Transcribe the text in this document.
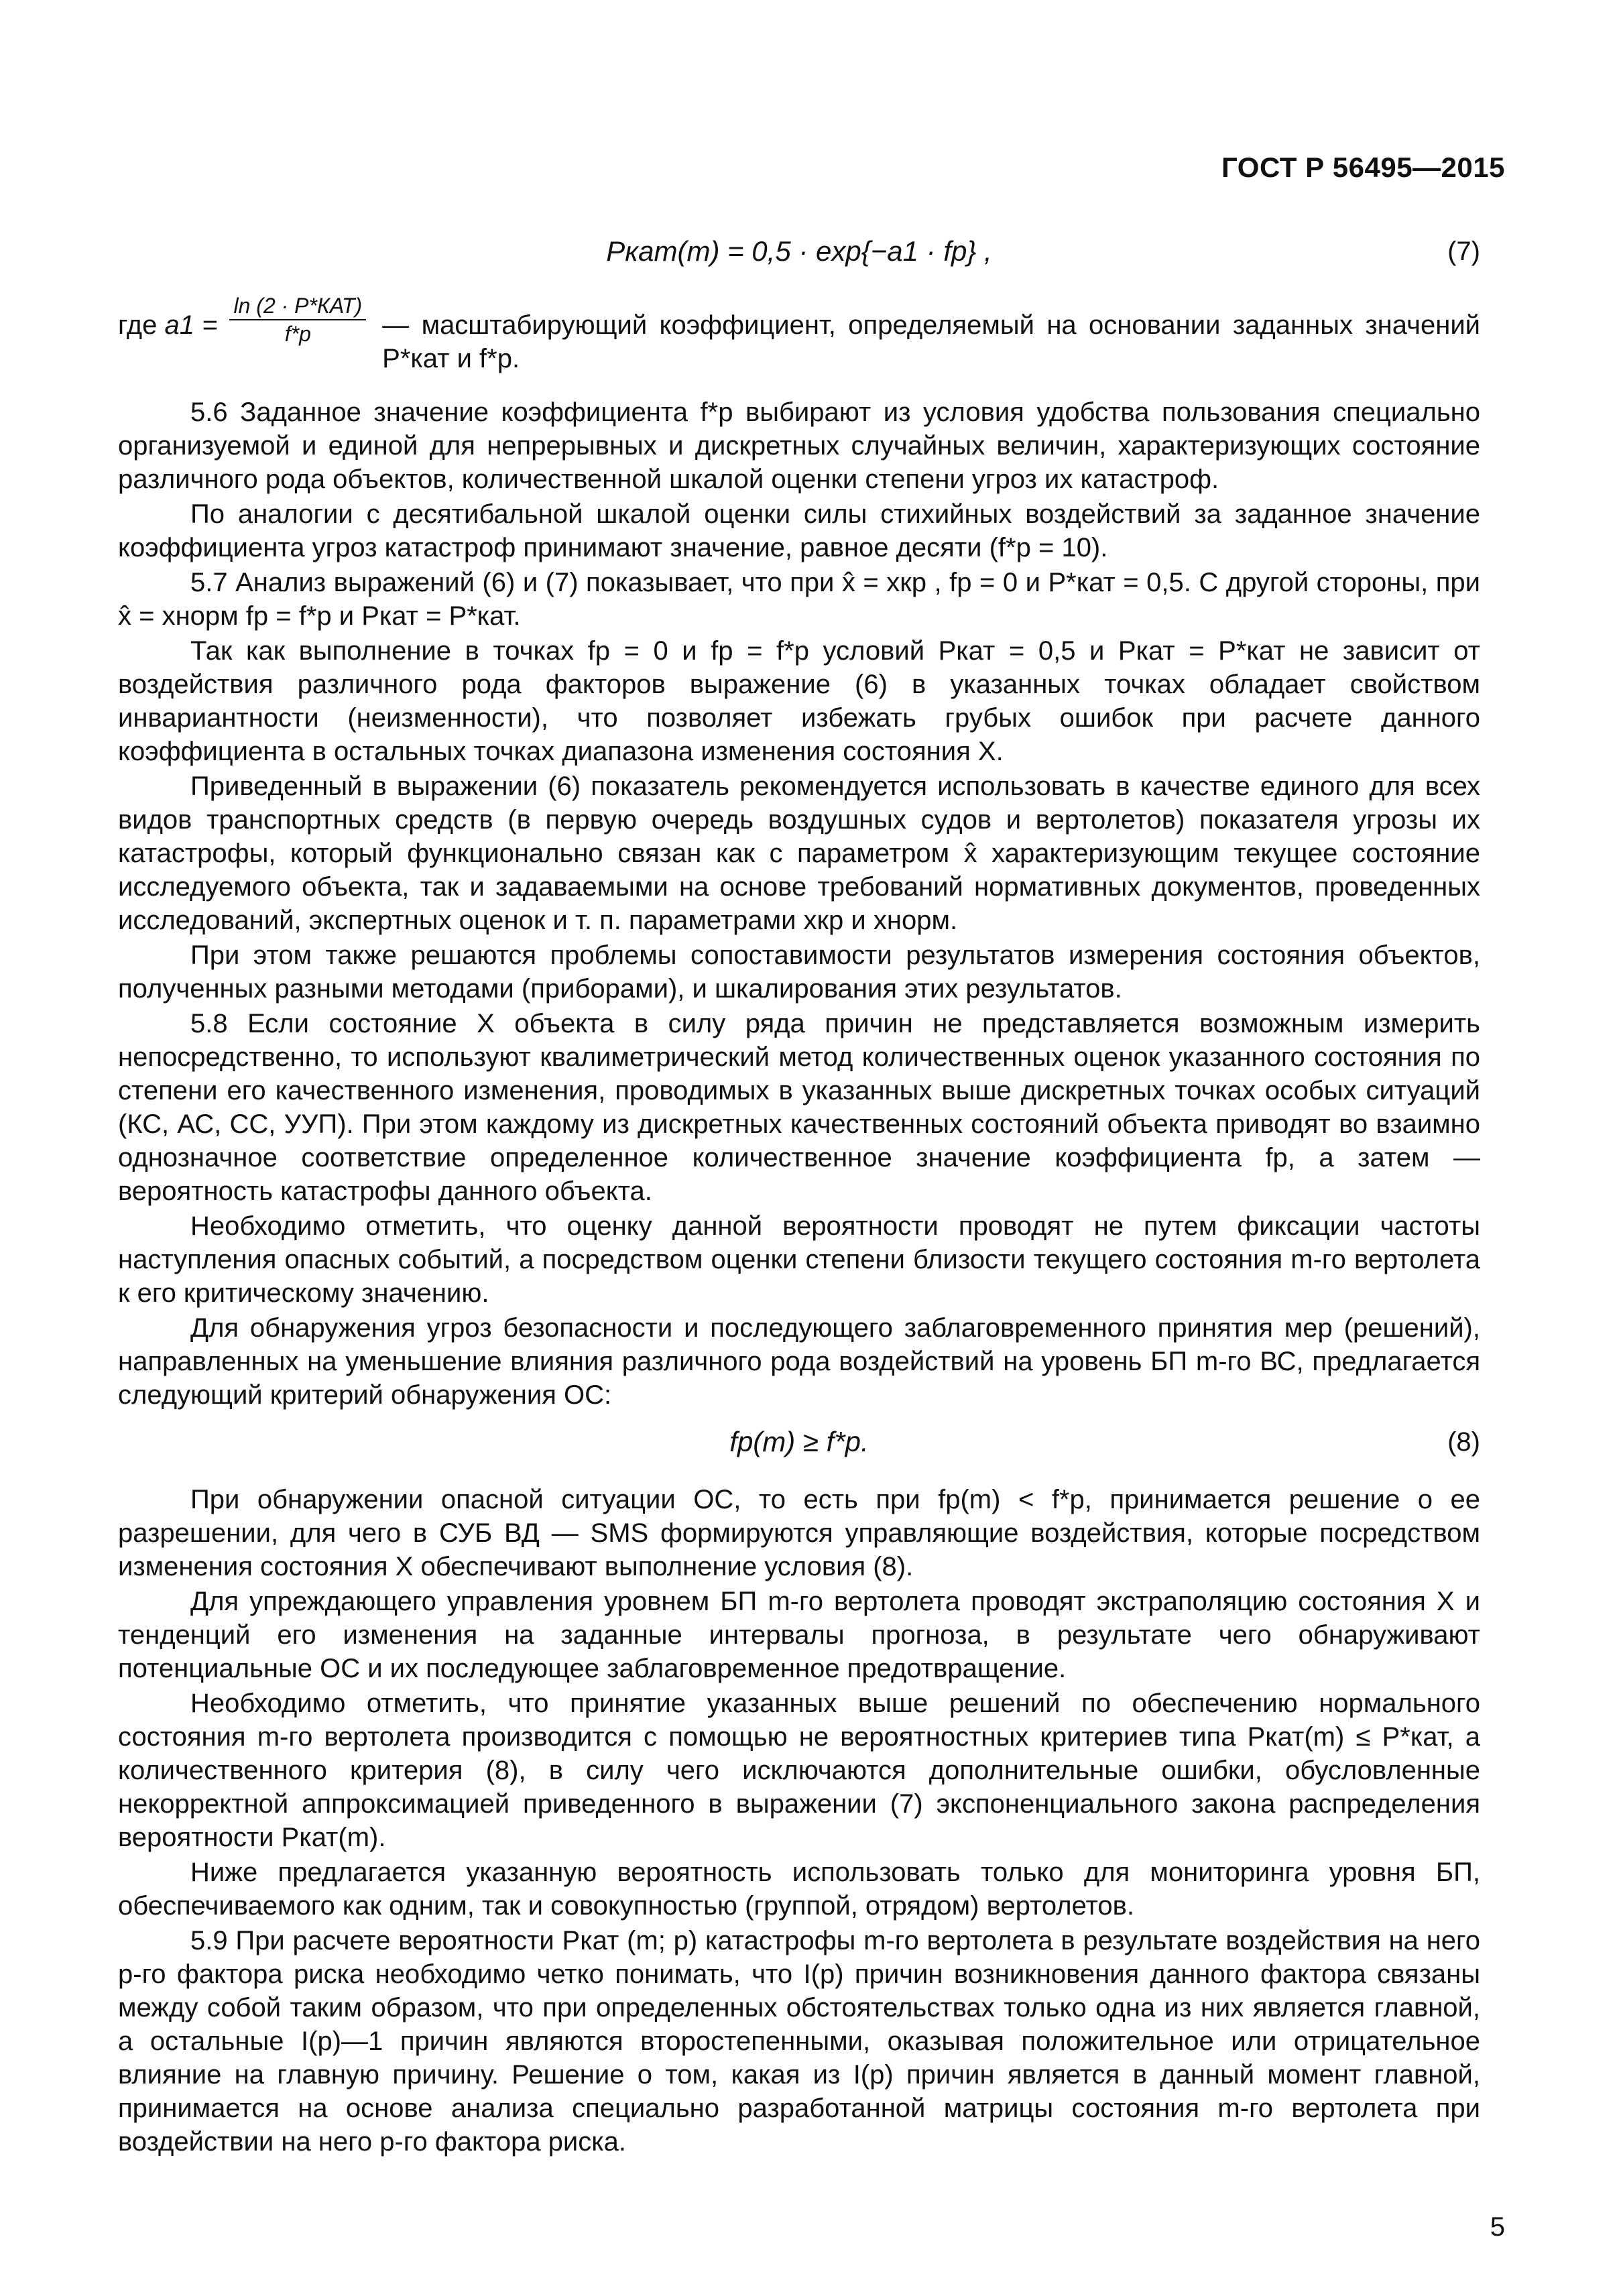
ГОСТ Р 56495—2015
Pкат(m) = 0,5 · exp{−a1 · fр} ,	(7)
где $a1 = \frac{\text{ln (2 · P*КАТ)}}{f*р}$ — масштабирующий коэффициент, определяемый на основании заданных значений P*кат и f*р.

5.6 Заданное значение коэффициента f*р выбирают из условия удобства пользования специально организуемой и единой для непрерывных и дискретных случайных величин, характеризующих состояние различного рода объектов, количественной шкалой оценки степени угроз их катастроф.

По аналогии с десятибальной шкалой оценки силы стихийных воздействий за заданное значение коэффициента угроз катастроф принимают значение, равное десяти (f*р = 10).

5.7 Анализ выражений (6) и (7) показывает, что при x̂ = xкр , fр = 0 и P*кат = 0,5. С другой стороны, при x̂ = xнорм fр = f*р и Pкат = P*кат.

Так как выполнение в точках fр = 0 и fр = f*р условий Pкат = 0,5 и Pкат = P*кат не зависит от воздействия различного рода факторов выражение (6) в указанных точках обладает свойством инвариантности (неизменности), что позволяет избежать грубых ошибок при расчете данного коэффициента в остальных точках диапазона изменения состояния X.

Приведенный в выражении (6) показатель рекомендуется использовать в качестве единого для всех видов транспортных средств (в первую очередь воздушных судов и вертолетов) показателя угрозы их катастрофы, который функционально связан как с параметром x̂ характеризующим текущее состояние исследуемого объекта, так и задаваемыми на основе требований нормативных документов, проведенных исследований, экспертных оценок и т. п. параметрами xкр и xнорм.

При этом также решаются проблемы сопоставимости результатов измерения состояния объектов, полученных разными методами (приборами), и шкалирования этих результатов.

5.8 Если состояние X объекта в силу ряда причин не представляется возможным измерить непосредственно, то используют квалиметрический метод количественных оценок указанного состояния по степени его качественного изменения, проводимых в указанных выше дискретных точках особых ситуаций (КС, АС, СС, УУП). При этом каждому из дискретных качественных состояний объекта приводят во взаимно однозначное соответствие определенное количественное значение коэффициента fр, а затем — вероятность катастрофы данного объекта.

Необходимо отметить, что оценку данной вероятности проводят не путем фиксации частоты наступления опасных событий, а посредством оценки степени близости текущего состояния m-го вертолета к его критическому значению.

Для обнаружения угроз безопасности и последующего заблаговременного принятия мер (решений), направленных на уменьшение влияния различного рода воздействий на уровень БП m-го ВС, предлагается следующий критерий обнаружения ОС:

fр(m) ≥ f*р.	(8)

При обнаружении опасной ситуации ОС, то есть при fр(m) < f*р, принимается решение о ее разрешении, для чего в СУБ ВД — SMS формируются управляющие воздействия, которые посредством изменения состояния X обеспечивают выполнение условия (8).

Для упреждающего управления уровнем БП m-го вертолета проводят экстраполяцию состояния X и тенденций его изменения на заданные интервалы прогноза, в результате чего обнаруживают потенциальные ОС и их последующее заблаговременное предотвращение.

Необходимо отметить, что принятие указанных выше решений по обеспечению нормального состояния m-го вертолета производится с помощью не вероятностных критериев типа Pкат(m) ≤ P*кат, а количественного критерия (8), в силу чего исключаются дополнительные ошибки, обусловленные некорректной аппроксимацией приведенного в выражении (7) экспоненциального закона распределения вероятности Pкат(m).

Ниже предлагается указанную вероятность использовать только для мониторинга уровня БП, обеспечиваемого как одним, так и совокупностью (группой, отрядом) вертолетов.

5.9 При расчете вероятности Pкат (m; p) катастрофы m-го вертолета в результате воздействия на него p-го фактора риска необходимо четко понимать, что I(p) причин возникновения данного фактора связаны между собой таким образом, что при определенных обстоятельствах только одна из них является главной, а остальные I(p)—1 причин являются второстепенными, оказывая положительное или отрицательное влияние на главную причину. Решение о том, какая из I(p) причин является в данный момент главной, принимается на основе анализа специально разработанной матрицы состояния m-го вертолета при воздействии на него p-го фактора риска.

5
